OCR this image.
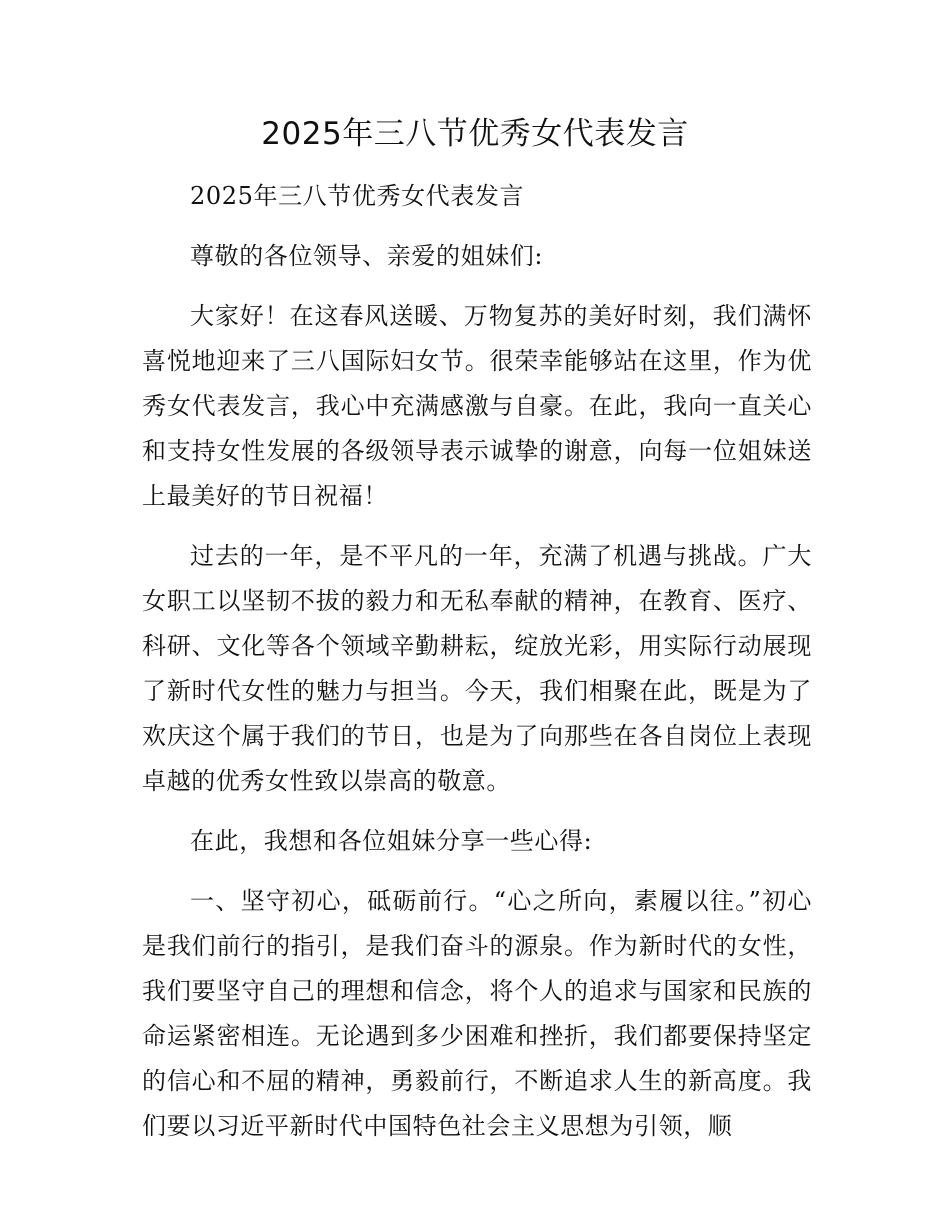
2025年三八节优秀女代表发言

2025年三八节优秀女代表发言

尊敬的各位领导、亲爱的姐妹们:

大家好！在这春风送暖、万物复苏的美好时刻，我们满怀喜悦地迎来了三八国际妇女节。很荣幸能够站在这里，作为优秀女代表发言，我心中充满感激与自豪。在此，我向一直关心和支持女性发展的各级领导表示诚挚的谢意，向每一位姐妹送上最美好的节日祝福！

过去的一年，是不平凡的一年，充满了机遇与挑战。广大女职工以坚韧不拔的毅力和无私奉献的精神，在教育、医疗、科研、文化等各个领域辛勤耕耘，绽放光彩，用实际行动展现了新时代女性的魅力与担当。今天，我们相聚在此，既是为了欢庆这个属于我们的节日，也是为了向那些在各自岗位上表现卓越的优秀女性致以崇高的敬意。

在此，我想和各位姐妹分享一些心得:

一、坚守初心，砥砺前行。“心之所向，素履以往。”初心是我们前行的指引，是我们奋斗的源泉。作为新时代的女性，我们要坚守自己的理想和信念，将个人的追求与国家和民族的命运紧密相连。无论遇到多少困难和挫折，我们都要保持坚定的信心和不屈的精神，勇毅前行，不断追求人生的新高度。我们要以习近平新时代中国特色社会主义思想为引领，顺
